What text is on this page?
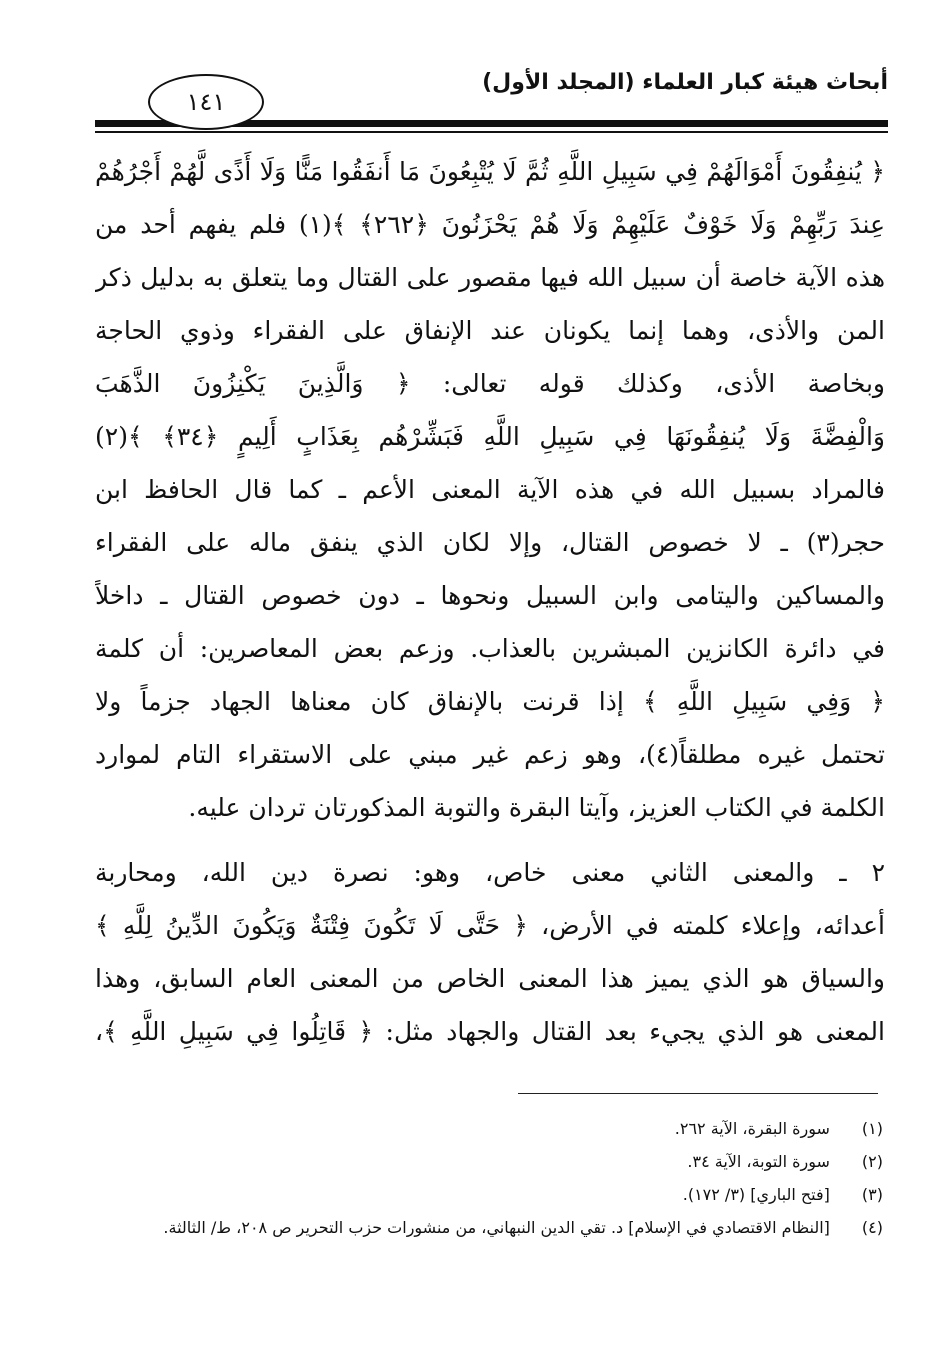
أبحاث هيئة كبار العلماء (المجلد الأول)
١٤١
﴿ يُنفِقُونَ أَمْوَالَهُمْ فِي سَبِيلِ اللَّهِ ثُمَّ لَا يُتْبِعُونَ مَا أَنفَقُوا مَنًّا وَلَا أَذًى لَّهُمْ أَجْرُهُمْ
عِندَ رَبِّهِمْ وَلَا خَوْفٌ عَلَيْهِمْ وَلَا هُمْ يَحْزَنُونَ ﴿٢٦٢﴾ ﴾(١) فلم يفهم أحد من
هذه الآية خاصة أن سبيل الله فيها مقصور على القتال وما يتعلق به بدليل ذكر
المن والأذى، وهما إنما يكونان عند الإنفاق على الفقراء وذوي الحاجة
وبخاصة الأذى، وكذلك قوله تعالى: ﴿ وَالَّذِينَ يَكْنِزُونَ الذَّهَبَ
وَالْفِضَّةَ وَلَا يُنفِقُونَهَا فِي سَبِيلِ اللَّهِ فَبَشِّرْهُم بِعَذَابٍ أَلِيمٍ ﴿٣٤﴾ ﴾(٢)
فالمراد بسبيل الله في هذه الآية المعنى الأعم ـ كما قال الحافظ ابن
حجر(٣) ـ لا خصوص القتال، وإلا لكان الذي ينفق ماله على الفقراء
والمساكين واليتامى وابن السبيل ونحوها ـ دون خصوص القتال ـ داخلاً
في دائرة الكانزين المبشرين بالعذاب. وزعم بعض المعاصرين: أن كلمة
﴿ وَفِي سَبِيلِ اللَّهِ ﴾ إذا قرنت بالإنفاق كان معناها الجهاد جزماً ولا
تحتمل غيره مطلقاً(٤)، وهو زعم غير مبني على الاستقراء التام لموارد
الكلمة في الكتاب العزيز، وآيتا البقرة والتوبة المذكورتان تردان عليه.
٢ ـ والمعنى الثاني معنى خاص، وهو: نصرة دين الله، ومحاربة
أعدائه، وإعلاء كلمته في الأرض، ﴿ حَتَّى لَا تَكُونَ فِتْنَةٌ وَيَكُونَ الدِّينُ لِلَّهِ ﴾
والسياق هو الذي يميز هذا المعنى الخاص من المعنى العام السابق، وهذا
المعنى هو الذي يجيء بعد القتال والجهاد مثل: ﴿ قَاتِلُوا فِي سَبِيلِ اللَّهِ ﴾،
(١) سورة البقرة، الآية ٢٦٢.
(٢) سورة التوبة، الآية ٣٤.
(٣) [فتح الباري] (٣/ ١٧٢).
(٤) [النظام الاقتصادي في الإسلام] د. تقي الدين النبهاني، من منشورات حزب التحرير ص ٢٠٨، ط/ الثالثة.
